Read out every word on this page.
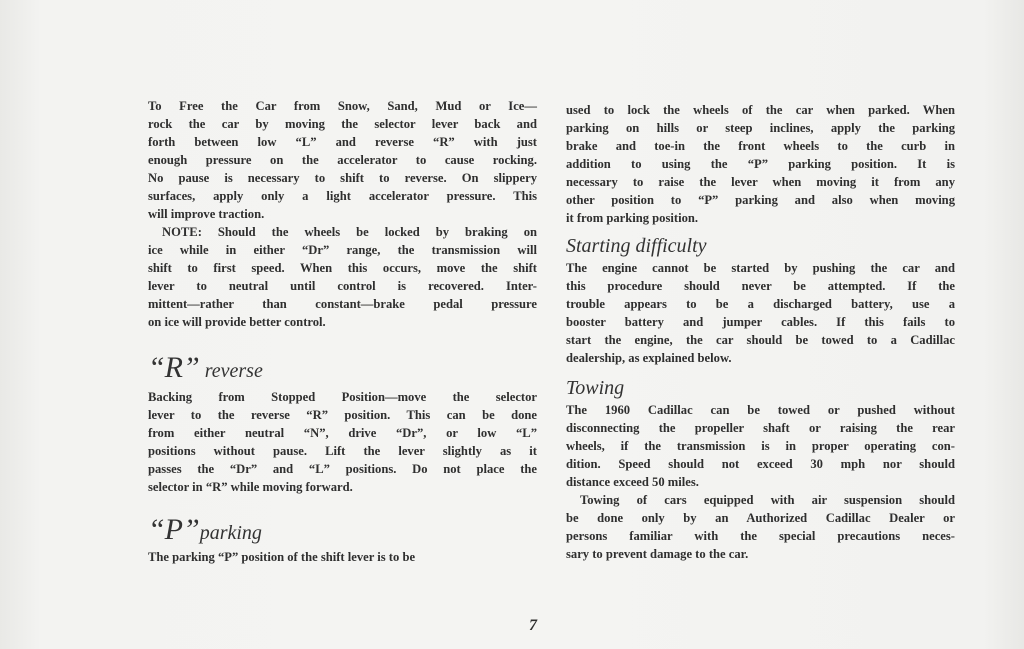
To Free the Car from Snow, Sand, Mud or Ice—
rock the car by moving the selector lever back and
forth between low “L” and reverse “R” with just
enough pressure on the accelerator to cause rocking.
No pause is necessary to shift to reverse. On slippery
surfaces, apply only a light accelerator pressure. This
will improve traction.
NOTE: Should the wheels be locked by braking on
ice while in either “Dr” range, the transmission will
shift to first speed. When this occurs, move the shift
lever to neutral until control is recovered. Inter-
mittent—rather than constant—brake pedal pressure
on ice will provide better control.
“R” reverse
Backing from Stopped Position—move the selector
lever to the reverse “R” position. This can be done
from either neutral “N”, drive “Dr”, or low “L”
positions without pause. Lift the lever slightly as it
passes the “Dr” and “L” positions. Do not place the
selector in “R” while moving forward.
“P”parking
The parking “P” position of the shift lever is to be
used to lock the wheels of the car when parked. When
parking on hills or steep inclines, apply the parking
brake and toe-in the front wheels to the curb in
addition to using the “P” parking position. It is
necessary to raise the lever when moving it from any
other position to “P” parking and also when moving
it from parking position.
Starting difficulty
The engine cannot be started by pushing the car and
this procedure should never be attempted. If the
trouble appears to be a discharged battery, use a
booster battery and jumper cables. If this fails to
start the engine, the car should be towed to a Cadillac
dealership, as explained below.
Towing
The 1960 Cadillac can be towed or pushed without
disconnecting the propeller shaft or raising the rear
wheels, if the transmission is in proper operating con-
dition. Speed should not exceed 30 mph nor should
distance exceed 50 miles.
Towing of cars equipped with air suspension should
be done only by an Authorized Cadillac Dealer or
persons familiar with the special precautions neces-
sary to prevent damage to the car.
7
